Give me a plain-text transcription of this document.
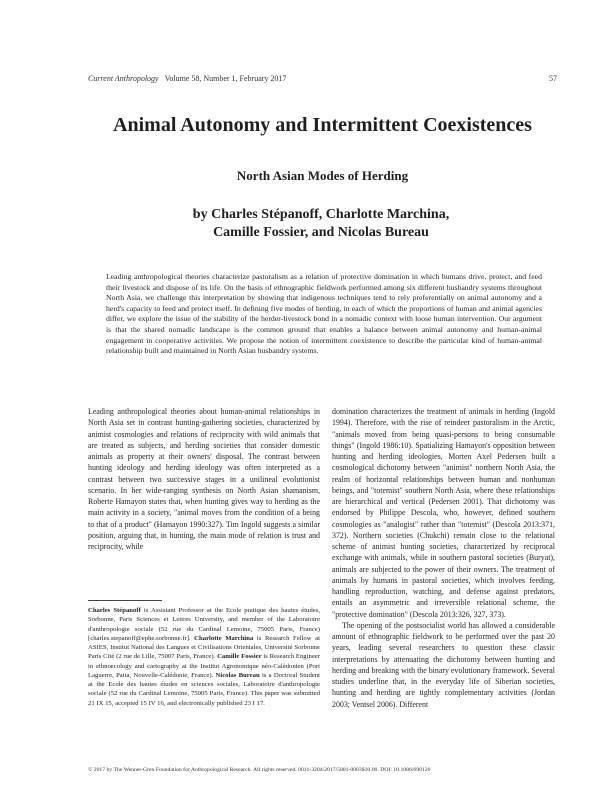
Current Anthropology Volume 58, Number 1, February 2017	57
Animal Autonomy and Intermittent Coexistences
North Asian Modes of Herding
by Charles Stépanoff, Charlotte Marchina,
Camille Fossier, and Nicolas Bureau

Leading anthropological theories characterize pastoralism as a relation of protective domination in which humans drive, protect, and feed their livestock and dispose of its life. On the basis of ethnographic fieldwork performed among six different husbandry systems throughout North Asia, we challenge this interpretation by showing that indigenous techniques tend to rely preferentially on animal autonomy and a herd's capacity to feed and protect itself. In defining five modes of herding, in each of which the proportions of human and animal agencies differ, we explore the issue of the stability of the herder-livestock bond in a nomadic context with loose human intervention. Our argument is that the shared nomadic landscape is the common ground that enables a balance between animal autonomy and human-animal engagement in cooperative activities. We propose the notion of intermittent coexistence to describe the particular kind of human-animal relationship built and maintained in North Asian husbandry systems.

Leading anthropological theories about human-animal relationships in North Asia set in contrast hunting-gathering societies, characterized by animist cosmologies and relations of reciprocity with wild animals that are treated as subjects, and herding societies that consider domestic animals as property at their owners' disposal. The contrast between hunting ideology and herding ideology was often interpreted as a contrast between two successive stages in a unilineal evolutionist scenario. In her wide-ranging synthesis on North Asian shamanism, Roberte Hamayon states that, when hunting gives way to herding as the main activity in a society, "animal moves from the condition of a being to that of a product" (Hamayon 1990:327). Tim Ingold suggests a similar position, arguing that, in hunting, the main mode of relation is trust and reciprocity, while

domination characterizes the treatment of animals in herding (Ingold 1994). Therefore, with the rise of reindeer pastoralism in the Arctic, "animals moved from being quasi-persons to being consumable things" (Ingold 1986:10). Spatializing Hamayon's opposition between hunting and herding ideologies, Morten Axel Pedersen built a cosmological dichotomy between "animist" northern North Asia, the realm of horizontal relationships between human and nonhuman beings, and "totemist" southern North Asia, where these relationships are hierarchical and vertical (Pedersen 2001). That dichotomy was endorsed by Philippe Descola, who, however, defined southern cosmologies as "analogist" rather than "totemist" (Descola 2013:371, 372). Northern societies (Chukchi) remain close to the relational scheme of animist hunting societies, characterized by reciprocal exchange with animals, while in southern pastoral societies (Buryat), animals are subjected to the power of their owners. The treatment of animals by humans in pastoral societies, which involves feeding, handling reproduction, watching, and defense against predators, entails an asymmetric and irreversible relational scheme, the "protective domination" (Descola 2013:326, 327, 373).

The opening of the postsocialist world has allowed a considerable amount of ethnographic fieldwork to be performed over the past 20 years, leading several researchers to question these classic interpretations by attenuating the dichotomy between hunting and herding and breaking with the binary evolutionary framework. Several studies underline that, in the everyday life of Siberian societies, hunting and herding are tightly complementary activities (Jordan 2003; Ventsel 2006). Different

Charles Stépanoff is Assistant Professor at the Ecole pratique des hautes études, Sorbonne, Paris Sciences et Lettres University, and member of the Laboratoire d'anthropologie sociale (52 rue du Cardinal Lemoine, 75005 Paris, France) [charles.stepanoff@ephe.sorbonne.fr]. Charlotte Marchina is Research Fellow at ASIES, Institut National des Langues et Civilisations Orientales, Université Sorbonne Paris Cité (2 rue de Lille, 75007 Paris, France). Camille Fossier is Research Engineer in ethnoecology and cartography at the Institut Agronomique néo-Calédonien (Port Laguerre, Paita, Nouvelle-Calédonie, France). Nicolas Bureau is a Doctoral Student at the Ecole des hautes études en sciences sociales, Laboratoire d'anthropologie sociale (52 rue du Cardinal Lemoine, 75005 Paris, France). This paper was submitted 21 IX 15, accepted 15 IV 16, and electronically published 23 I 17.

© 2017 by The Wenner-Gren Foundation for Anthropological Research. All rights reserved. 0011-3204/2017/5801-0003$10.00. DOI: 10.1086/690120
